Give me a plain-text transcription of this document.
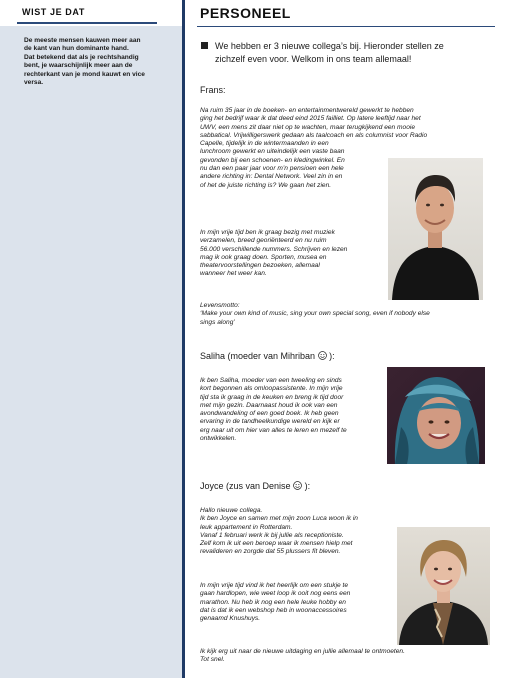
WIST JE DAT

De meeste mensen kauwen meer aan

de kant van hun dominante hand.

Dat betekend dat als je rechtshandig

bent, je waarschijnlijk meer aan de

rechterkant van je mond kauwt en vice

versa.

PERSONEEL
We hebben er 3 nieuwe collega’s bij. Hieronder stellen ze
zichzelf even voor. Welkom in ons team allemaal!
Frans:

Na ruim 35 jaar in de boeken- en entertainmentwereld gewerkt te hebben

ging het bedrijf waar ik dat deed eind 2015 failliet. Op latere leeftijd naar het

UWV, een mens zit daar niet op te wachten, maar terugkijkend een mooie

sabbatical. Vrijwilligerswerk gedaan als taalcoach en als columnist voor Radio

Capelle, tijdelijk in de wintermaanden in een

lunchroom gewerkt en uiteindelijk een vaste baan

gevonden bij een schoenen- en kledingwinkel. En

nu dan een paar jaar voor m’n pensioen een hele

andere richting in: Dental Network. Veel zin in en

of het de juiste richting is? We gaan het zien.

In mijn vrije tijd ben ik graag bezig met muziek

verzamelen, breed georiënteerd en nu ruim

56.000 verschillende nummers. Schrijven en lezen

mag ik ook graag doen. Sporten, musea en

theatervoorstellingen bezoeken, allemaal

wanneer het weer kan.

Levensmotto:

‘Make your own kind of music, sing your own special song, even if nobody else

sings along’

Saliha (moeder van Mihriban ):

Ik ben Saliha, moeder van een tweeling en sinds

kort begonnen als omloopassistente. In mijn vrije

tijd sta ik graag in de keuken en breng ik tijd door

met mijn gezin. Daarnaast houd ik ook van een

avondwandeling of een goed boek. Ik heb geen

ervaring in de tandheelkundige wereld en kijk er

erg naar uit om hier van alles te leren en mezelf te

ontwikkelen.

Joyce (zus van Denise ):

Hallo nieuwe collega.

Ik ben Joyce en samen met mijn zoon Luca woon ik in

leuk appartement in Rotterdam.

Vanaf 1 februari werk ik bij jullie als receptioniste.

Zelf kom ik uit een beroep waar ik mensen hielp met

revalideren en zorgde dat 55 plussers fit bleven.

In mijn vrije tijd vind ik het heerlijk om een stukje te

gaan hardlopen, wie weet loop ik ooit nog eens een

marathon. Nu heb ik nog een hele leuke hobby en

dat is dat ik een webshop heb in woonaccessoires

genaamd Knushuys.

Ik kijk erg uit naar de nieuwe uitdaging en jullie allemaal te ontmoeten.

Tot snel.
